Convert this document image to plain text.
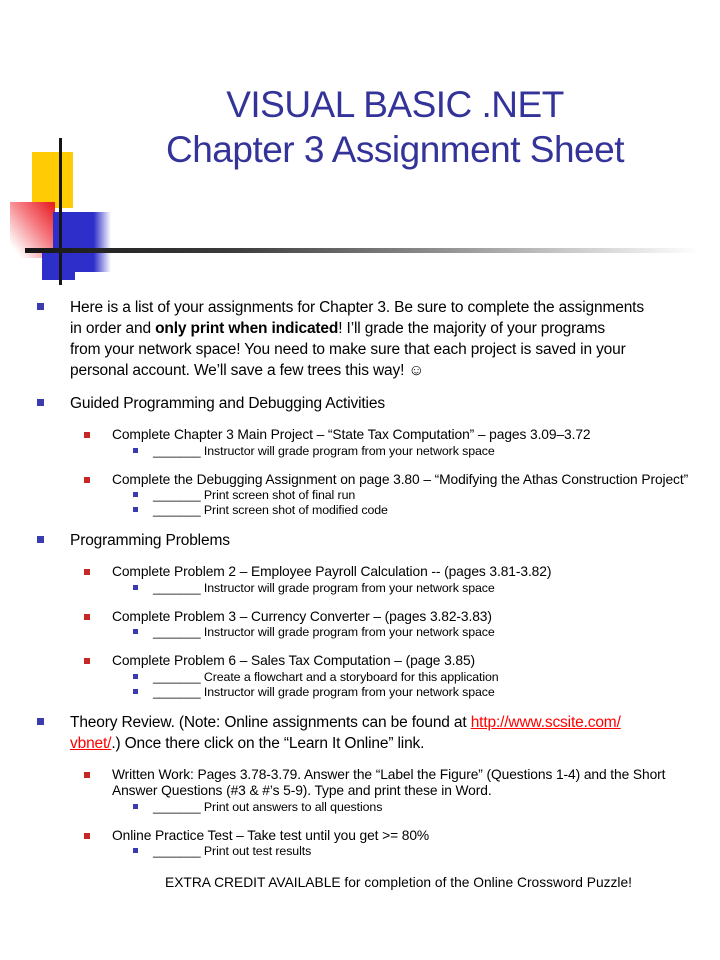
VISUAL BASIC .NET
Chapter 3 Assignment Sheet
Here is a list of your assignments for Chapter 3. Be sure to complete the assignments
in order and only print when indicated! I’ll grade the majority of your programs
from your network space! You need to make sure that each project is saved in your
personal account. We’ll save a few trees this way! ☺
Guided Programming and Debugging Activities
Complete Chapter 3 Main Project – “State Tax Computation” – pages 3.09–3.72
_______ Instructor will grade program from your network space
Complete the Debugging Assignment on page 3.80 – “Modifying the Athas Construction Project”
_______ Print screen shot of final run
_______ Print screen shot of modified code
Programming Problems
Complete Problem 2 – Employee Payroll Calculation -- (pages 3.81-3.82)
_______ Instructor will grade program from your network space
Complete Problem 3 – Currency Converter – (pages 3.82-3.83)
_______ Instructor will grade program from your network space
Complete Problem 6 – Sales Tax Computation – (page 3.85)
_______ Create a flowchart and a storyboard for this application
_______ Instructor will grade program from your network space
Theory Review. (Note: Online assignments can be found at http://www.scsite.com/
vbnet/.) Once there click on the “Learn It Online” link.
Written Work: Pages 3.78-3.79. Answer the “Label the Figure” (Questions 1-4) and the Short
Answer Questions (#3 & #’s 5-9). Type and print these in Word.
_______ Print out answers to all questions
Online Practice Test – Take test until you get >= 80%
_______ Print out test results
EXTRA CREDIT AVAILABLE for completion of the Online Crossword Puzzle!
